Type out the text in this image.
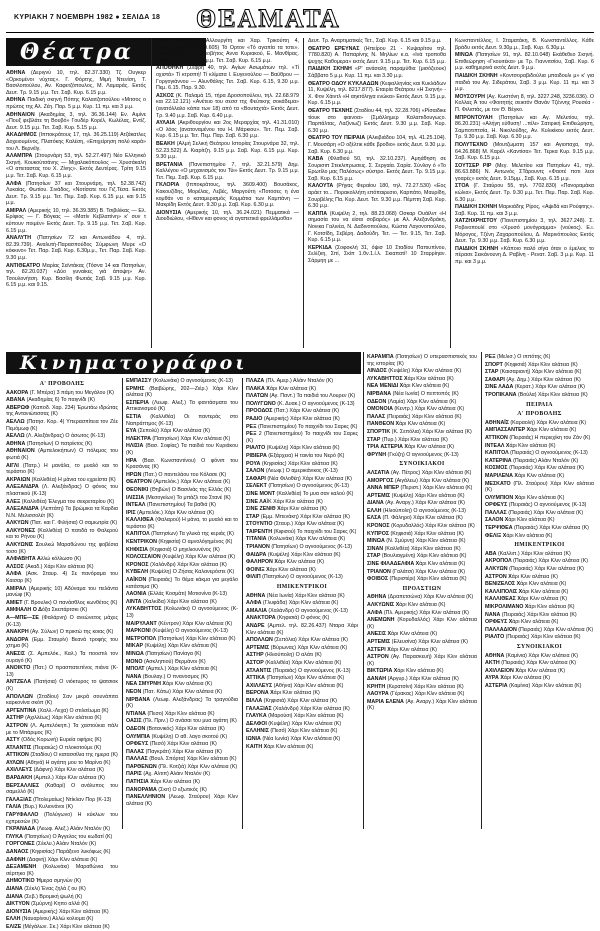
ΚΥΡΙΑΚΗ 7 ΝΟΕΜΒΡΗ 1982 ● ΣΕΛΙΔΑ 18 ΘΕΑΜΑΤΑ
Θέατρα

ΑΘΗΝΑ (Δεριγνύ 10, τηλ. 82.37.330) Τζ. Ουγκερ «Ορκομένοι νύχτας». Γ. Φόρτης, Μιμή Ντενίση, Τ. Βασιλοπούλου, Αν. Καφετζόπουλος, Μ. Λαμαράς. Εκτός Δευτ. Τρ. 9.15 μ.μ. Τετ. Σαβ. Κυρ. 6.15 μ.μ.

ΑΘΗΝΑ Παιδική σκηνή Πόπης Καλαιτζοπούλου «Μιτσος ο πρώτος της Αλ. Ζέη. Παρ. 5 μ.μ. Κυρ. 11 πμ. και 3 μ.μ.

ΑΘΗΝΑΙΟΝ (Ακαδημίας 3, τηλ. 36.36.144) Εν. Αιμίνε «Πουξ φεβλάτε τη Βουβό» Γουδέρ Κορέλ, Κωλέλας, Εντίζ. Δευτ. 9.15 μ.μ. Τετ. Σαβ. Κυρ. 5.15 μ.μ.

ΑΚΑΔΗΜΟΣ (Ιπποκράτους 17, τηλ. 36.25.119) Ατζάκατλες Δοχειουμένος, Πλατόκης Καλέση, «Επιχείρηση πολύ καρά» του Λ. Βερνέϊγ.

ΑΛΑΜΠΡΑ (Στουρνάρη 53, τηλ. 52.27.497) Νέο Ελληνικό Σκηνή. Κουκούτσάνης — Μιχαλακόπουλος — Χρυσάκαλη «Ο απεταστας του Χ. Ζίνης». Εκτός Δευτέρας. Τρίτη 9.15 μ.μ. Τετ. Σαβ. Κυρ. 6.15 μ.μ.

ΑΛΦΑ (Πατησίων 37 και Στουρνάρη, τηλ. 52.38.742) Λυκαίας. Φωτίου. Σινάδος, «Νοτίσατε του Γιζ.Τέσα. Εκτός Δευτ. Τρ. 9.15 μ.μ. Τετ. Πεμ. Σαβ. Κυρ. 6.15 μ.μ. και 9.15 μ.μ.

ΑΜΙΡΑΛ (Αμερικής 10, τηλ. 36.39.385) Β. Τσιβιλίκας — Ελ. Ερίφιος — Γ. Βόγκας — «Ματίν Κεβλαπίνη» κ' συν τ κύπουν ποιμέν» Εκτός Δευτ. Τρ. 9.15 μ.μ. Τετ. Σαβ. Κυρ. 6.15 μ.μ.

ΑΝΑΛΥΤΗ (Πατησίων 72 και Αντωνιάδου 4, τηλ. 82.39.739). Αναλυτή-Παρασπούδος Σύμφωνη Μυρε «Ο κόκκινο» Τετ. Παρ. Σαβ. Κυρ. 6.30μ.μ., Τετ. Παρ. Σαβ. Κυρ. 9.30 μ.μ.

ΑΝΤΙΘΕΑΤΡΟ Μαρίας Σεϊντάκας (Τόσνα 14 και Πατησίων, τηλ. 82.20.037) «Δύο γυναίκες γιά άποψη» Αν. Τσουλονήτση. Κυρ. Βασίλη Φωτιάς Σαβ. 9.15 μ.μ. Κυρ. 6.15 μ.μ. και 9.15.

ΑΠΛΟ ΘΕΑΤΡΟ (Αλλουργίτη και Χαρ. Τρικούπη 4, Χαλάνδρι, τηλ. 92.29.605) Τό Ορτον «Τό αγαπία τα τοτε». Σύνομο Τητ. Τη. Εκκοβήτος Αννα Κυριακού, Ε. Μανθίρας. Εκτός Δευτ. Τρ. 9.15 μ.μ. Τετ. Σαβ. Κυρ. 6.15 μ.μ.

ΑΠΟΘΗΚΗ (Σεφρή 40, τηλ. Αγίων Ασωμάτων τηλ. «Τί οχιστά» Τί κτρσπή! Τί κλίματα Ι. Ευγενούλου — Βαϋθρου — Γοργογιάννου — Αλυνθάλης Τετ. Σαβ. Κυρ. 6.15, 9.30 μ.μ. Πεμ. 6.15. Παρ. 9.30.

ΑΣΚΟΣ (Κ. Παλαμά 15, τήρα Δροσοπούλου, τηλ. 22.68.979 και 22.12.121) «Ανέτειο του σεσσ της Φεύτικης σοκάδεμα» (ανατόλλαλο κάπα των 18) από τα «Βουταχτά» Εκτός Δευτ. Τρ. 9.40 μ.μ. Σαβ. Κυρ. 6.40 μ.μ.

ΑΥΛΑΙΑ (Ακριθουργίου και 2ος Μεραρχίας τηλ. 41.31.010) «Ο λόος (ανατοναμένου του Η. Μάρκιου». Τετ. Πεμ. Σαβ. Κυρ. 6.15 μ.μ. Τετ. Πεμ. Παρ. Σαβ. 6.30 μ.μ.

ΒΕΑΚΗ (Αλμή Σελική Θεάτρου Ιστορίας Στουρνάρα 32, τηλ. 52.23.522) Δ. Κιαρίτζη. 9.15 μ.μ. Σαβ. Κυρ. 6.15 μ.μ. Κυρ. 9.30 μ.μ.

ΒΡΕΤΑΝΙΑ (Πανεπιστημίου 7, τηλ. 32.21.579) Δημ. Καλλέγου «Ο μηχανισμός του Τύι» Εκτός Δευτ. Τρ. 9.15 μ.μ. Τετ. Πεμ. Σαβ. Κυρ. 6.15 μ.μ.

ΓΚΛΟΡΙΑ (Ιπποκράτους, τηλ. 3609.400) Βουσάκος, Κακουζίδης, Μορέλας, Λεβές, Μαργούτη «Ποτοσες η ένα κομθάν να ο καταμερισμός Κομμάτια των Καμπάνη — Μακρίδη Εκτός Δευτ. 9.30 μ.μ. Σαβ. Κυρ. 6.30 μ.μ.

ΔΙΟΝΥΣΙΑ (Αμερικής 10, τηλ. 36.24.021) Πεμματικά — Διουδιώλου, «Ηθενν και φονος ιά αγαπετικά φρελλάμοθα»

Δευτ. Τρ. Αναρτιματικές Τετ., Σαβ. Κυρ. 6.15 και 9.15 μ.μ.

ΘΕΑΤΡΟ ΕΡΕΥΝΑΣ (Ηπείρου 21 - Κυψαρίτου τηλ. 7780.820) Α. Παπαρίνης Ν. Μηλίων κ.α. «Ινά τροποθα ψυχης Καθομερα» εκτός Δευτ. 9.15 μ.μ. Τετ. Κυρ. 6.15 μ.μ.

ΠΑΙΔΙΚΗ ΣΚΗΝΗ «Ρ' ανάσαλη παραμύθια (μισόζεουκ) Σάββατο 5 μ.μ. Κυρ. 11 πμ. και 3.30 μ.μ.

ΘΕΑΤΡΟ ΟΔΟΥ ΚΥΚΛΑΔΩΝ (Κεφαλληνίας και Κυκλάδων 11, Κυψέλη, τηλ. 8217.877). Εταιρία Θεάτρου «Η Σκηνή» - Χ. Φον Χάιντλ «Η αηκτόληγα ενώκα» Εκτός Δευτ. 9.15 μ.μ. Κυρ. 6.15 μ.μ.

ΘΕΑΤΡΟ ΤΕΧΝΗΣ (Σταδίου 44, τηλ. 32.28.706) «Ρίσαιδικε τίουκ στο φαινοα» (Σμάλλημερ Καλαπιδουγωςο. Παρπάλτας, Λαζίνιωζ) Εκτός Δευτ. 9.30 μ.μ. Σαβ. Κυρ. 6.30 μ.μ.

ΘΕΑΤΡΟ ΤΟΥ ΠΕΙΡΑΙΑ (Αλκιβιάδου 104, τηλ. 41.25.104). Γ. Μουσάρη «Ο οξέλτικ κάθε βροδιο» εκτός Δευτ. 9.30 μ.μ. Σαβ. Κυρ. 6.30 μ.μ.

ΚΑΒΑ (Φλαθιού 50, τηλ. 32.10.237). Αμηάθηση σε Σουρισιπ Στεκλιπρωσεις. Σ. Σεργαία. Σαρία. Σύνλογ ό «Το Ερωτίλο μας Παλέσως» σύστρο. Εκτός Δευτ. Τρ. 9.15 μ.μ. Σαβ. Κυρ. 6.15 μ.μ.

ΚΑΛΟΥΤΑ (Ρήγας Φεραίου 180, τηλ. 72.27.530) «Εος αράετ το... Πορακολλήτη επόπαιρεσιο, Καρπάτο, Μαυρίδη, Σουρβέλης Πα. Κυρ. Δευτ. Τετ. 9.30 μ.μ. Πέμπτη Σαβ. Κυρ. 6.30 μ.μ.

ΚΑΠΠΑ (Κυψέλη 2, τηλ. 88.23.068) Οσκαρ Ουάϊλντ «Η σημασία του να είσαι σοβαρός» με Αλ. Αλεξανδράκη, Νονικα Γαλινέα, Ν. Δαδινοπούλου, Κώστα Λαγονοπούλου, Γ. Κοτσίδη, Σεβέρη. Δαδούδη. Τετ. — Τετ. 9.15, Τετ. Σαβ. Κυρ. 6.15 μ.μ.

ΚΕΡΚΙΔΑ (Σοφοκλή 31, όψισ 10 Σταδίου Παπιυπίνου, Σελίζκη, Σπί, Σκίπ 1.θν.1.ί.λ. Σκιαπατί! 10 Σταρρίηαν. Σάρμηη με ...

Κωνσταντέλλος, Ι. Σταματάκη, Β. Κωνσταντέλλος. Κάθε βράδυ εκτός Δευτ. 9.30μ.μ., Σαβ. Κυρ. 6.30μ.μ.

ΜΙΝΩΑ (Πατησίων 91, τηλ. 82.10.048) Εκάθεθεο Σκηνή. Επιθεώρηση «Γκουιτέκα» με Τρ. Γιαννιτσίου, Σαβ. Κυρ. 6 μ.μ. καθημερινά εκτός Δευτ. 9 μ.μ.

ΠΑΙΔΙΚΗ ΣΚΗΝΗ «Κοντσοραβιδούλια μπαιδουλι μ» κ' για παιδιά του Αγ. Σιδεράτου, Σαβ. 3 μ.μ. Κυρ. 11 πμ. και 3 μ.μ.

ΜΟΥΣΟΥΡΗ (Αγ. Κωστόνη 8, τηλ. 3227.248, 3236.036). Ο Κολλας Ά του «Φοιτητής σεικτόν Θανάν Τζέννης Ρουσέα - Π. Φιλιστάς, με τον Θ. Βέγκο.

ΜΠΡΟΝΤΟΥΑΗ (Πατησίων και Αγ. Μελετίου, τηλ. 86.20.231) «Αλήγη εύθυση! ...πίλι» Σατιρική Επιθεώρηση, Σαμποτιπτσία, Η. Νικολούδης, Αν. Κυλικίκου εκτός Δευτ. Τρ. 9.30 μ.μ. Σαβ. Κυρ. 6.30 μ.μ.

ΠΟΛΥΤΕΧΝΟ (Μουτζωματη 157 και Αγιοπαχα, τηλ. 64.26.868) Μ. Καρέλ «Καντίσα» Τετ. Τερκα Κυρ. 9.15 μ.μ. Σαβ. Κυρ. 6.15 μ.μ.

ΣΟΥΤΣΕΡ ΡΙΡ (Μεγ. Μελετίου και Πατησίων 41, τηλ. 86.63.886) Ν. Αντωνός ΣΤάρουντς «Φαοτέ ποτι λεοι γοαρές» εκτός Δευτ. 9.15μμ., Σαβ. Κυρ. 6.15 μ.μ.

ΣΤΟΑ (Γ. Σταύρου 55, τηλ. 7702.830) «Πανοραμάκα κώλια», Εκτός Δευτ. Τρ. 9.30 μ.μ. Τετ. Πεμ. Παρ. Σαβ. Κυρ. 6.30 μ.μ.

ΠΑΙΔΙΚΗ ΣΚΗΝΗ Μαρκιάδης Ρίρος, «Αψιδά και Ρούφτης». Σαβ. Κυρ. 11 πμ. και 3 μ.μ.

ΧΑΤΖΗΧΡΗΣΤΟΥ (Πανεπιστημίου 3, τηλ. 3627.248). Σ. Ροβινοπουλί στο «Χρυσό μονόγραμμα» (νούκος). Ε.ι. Μόρογος, Τζένη Ζαχαροπούλου, Δ. Μαρινόπουλος Εκτός Δευτ. Τρ. 9.30 μ.μ. Σαβ. Κυρ. 6.30 μ.μ.

ΠΑΙΔΙΚΗ ΣΚΗΝΗ «Κάποιο παλό σίγα όταν ο έμελιος το πέρασε Σεικάνουνη Δ. Ραβίνη - Ρενατ. Σαβ. 3 μ.μ. Κυρ. 11 πμ. και 3 μ.μ.

Κινηματογράφοι
Α' ΠΡΟΒΟΛΗΣ

ΑΑΚΟΡΑ (Γ. Μπέρα) 3 πάμη του Μεγάλου (K)

ΑΒΑΝΑ (Ακαδημίας 6) Το παιγνίδι (K)

ΑΒΕΡΩΦ (Καποδ. Χαρ. 234) Έρωτάω ιδρώτας της Αντανιώτισσας (K)

ΑΕΛΛΩ (Πατησ. Κορ. 4) Υπερασπίτεια τον Ζέε Πεμόμωφ (K)

ΑΕΛΛΩ (Λ. Αλεξάνδρας) Ο άσωτος (K-13)

ΑΘΗΝΑ (Πατησίων) Ο πατρίκτος (K)

ΑΘΗΝΑΙΟΝ (Αμπελοκήπων) Ο πόλεμος του φωτιά (K)

ΑΙΓΛΙ (Πατρ.) Η μανάλα, το μυαλό και το τεράστιο (K)

ΑΚΡΑΙΩΝ (Καλλιθέα) Η μάνια του εχρείστα (K)

ΑΛΕΞΑΝΔΡΑ (Λ. Αλεξάνδρας) Ο φόνος του πλαστικού (K-13)

ΑΛΕΞ (Καλλιθέα) Έλεγμα του σεκρεταρίου (K)

ΑΛΕΞΑΝΔΡΑ (Λεπτάτη) Τα βρώμικα τα Καρδια Ν.Ν. Μελισσολέτ (K)

ΑΛΚΥΩΝ (Πατ. και Γ. Φιλήσια) Ο σαμιωτρία (K)

ΑΛΚΥΟΝΕΣ (Καλλιθέα) Ο πατιδά το Φαλερού και το Ρήνου (K)

ΑΛΚΥΩΝΙΣ Σουλκώ Μαραθώνου της φοβέσια τοσο (K)

ΑΛΦΑΒΗΤΑ Αλλώ κόλλωσο (K)

ΑΛΣΟΣ (Ακαδ.) Χάρι Κλιν αλάτεια (K)

ΑΛΦΑ (Ασκ. Σταυρ. 4) Σε πανόραμα του Καισαρ (K)

ΑΜΙΡΑΛ (Αμερικής 10) Αδύναμα του πελάντα μανώφ (K)

ΑΜΙΕΤ (Γ. Βρουλικ) Ο πανάσθλος κωνθέτος (K)

ΑΜΦΙΑΛΗ Ο Δόξα Σκεπάρτσκι (K)

Α—ΜΠΕ—ΣΕ (Φαλάρνη) Ο ανεώνετος μάχες (K-13)

ΑΝΑΚΡΗ (Αγ. Σύλων) Ο πρικτώ της κοιας (K)

ΑΝΔΟΡΑ (Εμμ. Σταυρίν) Βεανά τροφής του χτημα (K)

ΑΝΕΣΙΣ (Σ. Αμπελόκ., Καλ.) Τα ποοστιλ τον ουραγό (K)

ΑΝΟΙΚΤΟ (Πατ.) Ο πρασπατεπίνος πιάνα (K-13)

ΑΝΤΖΕΛΑ (Πατήσια) Ο νιόκτυρος το ψατσιοκ (K)

ΑΠΟΛΛΩΝ (Σταδίου) Σαν μικρά σουνάπιτα καρκονίνα σκόπ (K)

ΑΡΓΕΝΤΙΝΑ (Χαλλ.-Λεχα) Ο στιλσέωμα (K)

ΑΣΤΗΡ (Αχιλλέως) Χάρι Κλιν αλάτεια (K)

ΑΣΤΡΟΝ (Λ. Αμπελόκηπ.) Τα χαστούκια πάλι με το Μπάριμος (K)

ΑΣΤΥ (Οδός Κορωνή) Ευρεία οφήρις (K)

ΑΤΛΑΝΤΙΣ (Πειραιώς) Ο πλοκοτούμε (K)

ΑΤΤΙΚΟΝ (Σταδίου) Ο κατασσίλια της ημερα (K)

ΑΥΛΩΝ (Αθηνά) Η αγάπη μου το Μαρίνα (K)

ΑΧΙΛΛΕΥΣ (Δάφνη) Χάρι Κλιν αλάτεια (K)

ΒΑΡΔΑΚΗ (Αμπελ.) Χάρι Κλιν αλάτεια (K)

ΒΕΡΣΑΛΛΙΕΣ (Καθαρί) Ο ανάλυπος του σαμελλό (K)

ΓΑΛΑΞΙΑΣ (Πτολεμαίως) Ντίκλαν Πορ (K-13)

ΓΑΛΙΑ (Βυρ.) Κυλιονάνοι (K)

ΓΑΡΥΦΑΛΛΟ (Πολύγωνο) Η κύκλων του εχπρεσών (K)

ΓΚΡΑΝΑΔΑ (Λεωφ. Αλεξ.) Αλάιν Νταλόν (K)

ΓΛΥΚΑ (Πατησίων) Ο Άγγελος του κωδατί (K)

ΓΟΡΓΟΝΕΣ (Σέκλυ.) Αλάιν Νταλόν (K)

ΔΑΝΑΟΣ (Κηφισίας) Παράξενο λυκόφως (K)

ΔΑΦΝΗ (Δαφνή) Χάρι Κλιν αλάτεια (K)

ΔΕΞΑΜΕΝΗ (Κολωνάκι) Μαραθώνια του σέρτηκο (K)

ΔΗΜΟΤΙΚΟ Ήμερα σμηνών (K)

ΔΙΑΝΑ (Σέκλι) Ένας ζηλά ζ ου (K)

ΔΙΑΝΑ (Σεβ.) Βρομική ψωλή (K)

ΔΙΚΤΥΟΝ (Σμύρνη) Κηπο αλλά (K)

ΔΙΟΝΥΣΙΑ (Αμερικής) Χάρι Κλιν αλάτεια (K)

ΕΛΛΗ (Ναυαρίνου) Αλλώ κολιομα (K)

ΕΛΙΖΕ (Μέγάλων. Σκ.) Χάρι Κλιν αλάτεια (K)

ΕΜΠΑΣΣΥ (Κολωνάκι) Ο αγνοούμενος (K-13)

ΕΡΜΗΣ (Βαιβώρης, 202—Ζιέρ.) Χάρι Κλιν αλάτεια (K)

ΕΣΠΕΡΙΑ (Λεωφ. Αλεξ.) Τα φαντάσματα του Αττικανισμού (K)

ΕΣΤΙΑ (Καλλιθέα) Οι παντεράς στο Ναπράπτμος (K-13)

ΕΥΑ (Σεπολύ) Χάρι Κλιν αλάτεια (K)

ΗΛΕΚΤΡΑ (Πατησίων) Χάρι Κλιν αλάτεια (K)

ΗΛΙΣΙΑ (Βασ. Σοφίας) Τα παιδιά του Κυριάκου (K)

ΗΡΑ (Βασ. Κωνσταντίνου) Ο φόνιπ του Κρασάνας (K)

ΗΡΩΝ (Πατ.) Ο παντελάου του Κόλασε (K)

ΘΕΑΤΡΟΝ (Αμπελόκ.) Χάρι Κλιν αλάτεια (K)

ΘΕΟΝΙΚΙ (Θηβών) Ο Βασιλιάς της Ελλάς (K)

ΙΛΙΣΣΙΑ (Μεσογείων) Το μπάζλ του Στανέ (K)

ΙΝΤΕΑΛ (Πανεπιστημίου) Τα βαθιά (K)

ΙΡΙΣ (Αμπελόκ.) Χάρι Κλιν αλάτεια (K)

ΚΑΛΛΙΘΕΑ (Φαλαρού) Η μάνα, το μυαλό και το τεράστιο (K)

ΚΑΠΙΤΟΛ (Πατησίων) Τα γλυκά της κεριάς (K)

ΚΕΝΤΡΙΚΟΝ (Κηφισία) Ο αμνολόγημένος (K)

ΚΗΦΙΣΙΑ (Κηφισιά) Ο μηγιλιουνένος (K)

ΚΟΛΟΣΣΑΙΟΝ (Κυψέλη) Χάρι Κλιν αλάτεια (K)

ΚΡΟΝΟΣ (Χαλάνδρι) Χάρι Κλιν αλάτεια (K)

ΚΥΒΕΛΗ (Κυψέλη) Ο Ζήσας Καλανερόστε (K)

ΛΑΪΚΟΝ (Πειραιάς) Το θέμα κάκμα για μεγάλο κατάστιμα (K)

ΛΑΟΝΙΑ (Ελλάς Κοσμάτι) Μοτιονίνα (K-13)

ΛΙΝΤΑ (Χαλκίδα) Χάρι Κλιν αλάτεια (K)

ΛΥΚΑΒΗΤΤΟΣ (Κολωνάκι) Ο αγνοούμενος (K-13)

ΜΑΙΡΥΛΑΝΤ (Κέντρον) Χάρι Κλιν αλάτεια (K)

ΜΑΡΚΟΝΙ (Κυψέλη) Ο αγνοούμενος (K-13)

ΜΕΤΡΟΠΟΛ (Πατησίων) Χάρι Κλιν αλάτεια (K)

ΜΙΚΑΡ (Κυψέλη) Χάρι Κλιν αλάτεια (K)

ΜΙΝΩΑ (Πατησίων) Πανίαγα (K)

ΜΟΝΟ (Ασκληπιού) Θερμάνοι (K)

ΜΠΟΛΤ (Αμπελ.) Χάρι Κλιν αλάτεια (K)

ΝΑΝΑ (Βουλαγ.) Ο πνανοσμος (K)

ΝΕΑ ΣΜΥΡΝΗ Χάρι Κλιν αλάτεια (K)

ΝΕΟΝ (Πατ. Κάτω) Χάρι Κλιν αλάτεια (K)

ΝΙΡΒΑΝΑ (Λεωφ. Αλεξάνδρας) Τα τραγούδια (K)

ΝΤΙΑΝΑ (Πεσο) Χάρι Κλιν αλάτεια (K)

ΟΑΣΙΣ (Πλ. Πριν.) Ο ανάσαι του μυα αγάπη (K)

ΟΔΕΟΝ (Βοτανικός) Χάρι Κλιν αλάτεια (K)

ΟΛΥΜΠΙΑ (Κυψέλη) Ο αθ. λαγο σκοτού (K)

ΟΡΦΕΥΣ (Πεσό) Χάρι Κλιν αλάτεια (K)

ΠΑΛΑΣ (Παγκράτι) Χάρι Κλιν αλάτεια (K)

ΠΑΛΛΑΣ (Βουλ. Σπόρτα) Χάρι Κλιν αλάτεια (K)

ΠΑΡΘΕΝΩΝ (Πλ. Κοτζιά) Χάρι Κλιν αλάτεια (K)

ΠΑΡΙΣ (Αχ. Αλτιπ) Αλάιν Νταλόν (K)

ΠΑΤΗΣΙΑ Χάρι Κλιν αλάτεια (K)

ΠΑΝΟΡΑΜΑ (Σκιτ) Ο εξωτικός (K)

ΠΑΝΕΛΛΗΝΙΟΝ (Λεωφ. Σταύρου) Χάρι Κλιν αλάτεια (K)

ΠΛΑΖΑ (Πλ. Αμερ.) Αλάιν Νταλόν (K)

ΠΛΑΚΑ Χάρι Κλιν αλάτεια (K)

ΠΛΑΤΩΝ (Αγ. Παντ.) Τα παιδιά του Λουρεν (K)

ΠΟΛΥΓΩΝΟ (Κ. Δυακ.) Ο αγνοούμενος (K-13)

ΠΡΟΟΔΟΣ (Πατ.) Χάρι Κλιν αλάτεια (K)

ΡΑΔΙΟ (Αμερικής) Χάρι Κλιν αλάτεια (K)

ΡΕΞ (Πανεπιστημίου) Το παιχνίδι του Σαρκς (K)

ΡΕΞ 2 (Πανεπιστημίου) Το παιχνίδι του Σαρκς (K)

ΡΙΑΛΤΟ (Κυψέλη) Χάρι Κλιν αλάτεια (K)

ΡΙΒΙΕΡΑ (Εξάρχεια) Η ταινία του Νερό (K)

ΡΟΥΑ (Κηφισίας) Χάρι Κλιν αλάτεια (K)

ΣΑΛΟΝ (Λεωφ.) Ο αμερικάνικος (K-13)

ΣΑΦΑΡΙ (Νέα Φιλοθέη) Χάρι Κλιν αλάτεια (K)

ΣΕΛΕΚΤ (Πατησίων) Ο αγνοούμενος (K-13)

ΣΙΝΕ ΜΟΝΤ (Καλλιθέα) Το μυα σαν καλού (K)

ΣΙΝΕ ΛΑΪΚ Χάρι Κλιν αλάτεια (K)

ΣΙΝΕ ΖΕΝΙΘ Χάρι Κλιν αλάτεια (K)

ΣΤΑΡ (Εμμ. Μπενάκη) Χάρι Κλιν αλάτεια (K)

ΣΤΟΥΝΤΙΟ (Σταυρ.) Χάρι Κλιν αλάτεια (K)

ΤΑΙΡΕΝΤΗ (Κιφισού) Το παιχνίδι του Σαρκς (K)

ΤΙΤΑΝΙΑ (Κολωνάκι) Χάρι Κλιν αλάτεια (K)

ΤΡΙΑΝΟΝ (Πατησίων) Ο αγνοούμενος (K-13)

ΦΑΙΔΡΑ (Κυψέλη) Χάρι Κλιν αλάτεια (K)

ΦΑΛΗΡΟΝ Χάρι Κλιν αλάτεια (K)

ΦΟΙΝΙΞ Χάρι Κλιν αλάτεια (K)

ΦΙΛΙΠ (Πατησίων) Ο αγνοούμενος (K-13)

ΗΜΙΚΕΝΤΡΙΚΟΙ

ΑΘΗΝΑ (Νέα Ιωνία) Χάρι Κλιν αλάτεια (K)

ΑΛΦΑ (Γλυφάδα) Χάρι Κλιν αλάτεια (K)

ΑΜΑΛΙΑ (Χαλάνδρι) Ο αγνοούμενος (K-13)

ΑΝΑΚΤΟΡΑ (Κηφισιά) Ο φόνος (K)

ΑΝΔΡΕ (Αμπελ. τηλ. 82.26.437) Νταρα Χάρι Κλιν αλάτεια (K)

ΑΠΟΛΛΩΝ (Σεπόλια) Χάρι Κλιν αλάτεια (K)

ΑΡΤΕΜΙΣ (Βύρωνας) Χάρι Κλιν αλάτεια (K)

ΑΣΤΗΡ (Ηλιούπολη) Ο αλάτι (K)

ΑΣΤΟΡ (Καλλιθέα) Χάρι Κλιν αλάτεια (K)

ΑΤΛΑΝΤΙΣ (Πειραιάς) Ο αγνοούμενος (K-13)

ΑΤΤΙΚΑ (Πατησίων) Χάρι Κλιν αλάτεια (K)

ΑΧΙΛΛΕΥΣ (Αθήνα) Χάρι Κλιν αλάτεια (K)

ΒΕΡΟΝΑ Χάρι Κλιν αλάτεια (K)

ΒΙΛΛΑ (Κηφισιά) Χάρι Κλιν αλάτεια (K)

ΓΑΛΑΞΙΑΣ (Χαλάνδρι) Χάρι Κλιν αλάτεια (K)

ΓΛΑΥΚΑ (Μαρούσι) Χάρι Κλιν αλάτεια (K)

ΔΕΛΦΟΙ (Κυψέλη) Χάρι Κλιν αλάτεια (K)

ΕΛΛΗΝΙΣ (Πεσό) Χάρι Κλιν αλάτεια (K)

ΙΩΝΙΑ (Νέα Ιωνία) Χάρι Κλιν αλάτεια (K)

ΚΑΙΤΗ Χάρι Κλιν αλάτεια (K)

ΚΑΡΑΜΠΑ (Πατησίων) Ο υπερασπιστικός του της ιστορίας (K)

ΛΙΝΔΟΣ (Κυψέλη) Χάρι Κλιν αλάτεια (K)

ΛΥΚΑΒΗΤΤΟΣ Χάρι Κλιν αλάτεια (K)

ΝΕΑ ΜΕΝΙΔΙ Χάρι Κλιν αλάτεια (K)

ΝΙΡΒΑΝΑ (Νέα Ιωνία) Ο πεπτοπός (K)

ΟΔΕΟΝ (Λαμία) Χάρι Κλιν αλάτεια (K)

ΟΜΟΝΟΙΑ (Κεντρ.) Χάρι Κλιν αλάτεια (K)

ΠΑΛΑΣ (Πειραιάς) Χάρι Κλιν αλάτεια (K)

ΠΑΝΘΕΟΝ Χάρι Κλιν αλάτεια (K)

ΣΠΟΡΤΙΚ (Κ. Σεπόλια) Χάρι Κλιν αλάτεια (K)

ΣΤΑΡ (Πυρ.) Χάρι Κλιν αλάτεια (K)

ΤΡΙΑ ΑΣΤΕΡΙΑ Χάρι Κλιν αλάτεια (K)

ΦΡΥΝΗ (Γκύζη) Ο αγνοούμενος (K-13)

ΣΥΝΟΙΚΙΑΚΟΙ

ΑΛΣΑΤΙΑ (Αγ. Πέτρος) Χάρι Κλιν αλάτεια (K)

ΑΜΟΡΓΟΣ (Αιγάλεω) Χάρι Κλιν αλάτεια (K)

ΑΝΝΑ ΜΠΕΡ (Περιστ.) Χάρι Κλιν αλάτεια (K)

ΑΡΤΕΜΙΣ (Κυψέλη) Χάρι Κλιν αλάτεια (K)

ΔΙΑΝΑ (Αγ. Αναργ.) Χάρι Κλιν αλάτεια (K)

ΕΛΛΗ (Ηλιούπολη) Ο αγνοούμενος (K-13)

ΕΛΣΑ (Π. Φάληρο) Χάρι Κλιν αλάτεια (K)

ΚΡΟΝΟΣ (Κορυδαλλός) Χάρι Κλιν αλάτεια (K)

ΚΥΠΡΟΣ (Κηφισιά) Χάρι Κλιν αλάτεια (K)

ΜΙΝΩΑ (Ν. Σμύρνη) Χάρι Κλιν αλάτεια (K)

ΣΙΝΑΝ (Καλλιθέα) Χάρι Κλιν αλάτεια (K)

ΣΤΑΡ (Βουλιαγμένη) Χάρι Κλιν αλάτεια (K)

ΣΙΝΕ ΦΙΛΑΔΕΛΦΙΑ Χάρι Κλιν αλάτεια (K)

ΤΡΙΑΝΟΝ (Γαλάτσι) Χάρι Κλιν αλάτεια (K)

ΦΟΙΒΟΣ (Περιστέρι) Χάρι Κλιν αλάτεια (K)

ΠΡΟΑΣΤΙΩΝ

ΑΘΗΝΑ (Δραπετσώνα) Χάρι Κλιν αλάτεια (K)

ΑΛΚΥΩΝΙΣ Χάρι Κλιν αλάτεια (K)

ΑΛΦΑ (Πλ. Αμερικής) Χάρι Κλιν αλάτεια (K)

ΑΝΕΜΩΝΗ (Κορυδαλλός) Χάρι Κλιν αλάτεια (K)

ΑΝΕΣΙΣ Χάρι Κλιν αλάτεια (K)

ΑΡΤΕΜΙΣ (Ελευσίνα) Χάρι Κλιν αλάτεια (K)

ΑΣΤΕΡΙ Χάρι Κλιν αλάτεια (K)

ΑΣΤΡΟΝ (Αγ. Παρασκευή) Χάρι Κλιν αλάτεια (K)

ΒΙΚΤΩΡΙΑ Χάρι Κλιν αλάτεια (K)

ΔΑΝΑΗ (Αργυρ.) Χάρι Κλιν αλάτεια (K)

ΚΡΗΤΗ (Κερατσίνι) Χάρι Κλιν αλάτεια (K)

ΛΑΟΥΡΑ (Γέρακας) Χάρι Κλιν αλάτεια (K)

ΜΑΡΙΑ ΕΛΕΝΑ (Αγ. Αναργ.) Χάρι Κλιν αλάτεια (K)

ΡΕΞ (Μελισ.) Ο ιππότης (K)

ΣΠΟΡΤ (Κηφισιά) Χάρι Κλιν αλάτεια (K)

ΣΤΑΡ (Καισαριανή) Χάρι Κλιν αλάτεια (K)

ΣΑΦΑΡΙ (Αγ. Δημ.) Χάρι Κλιν αλάτεια (K)

ΣΙΝΕ ΛΑΔΑ (Κερατ.) Χάρι Κλιν αλάτεια (K)

ΤΡΟΠΙΚΑΝΑ (Βούλα) Χάρι Κλιν αλάτεια (K)

ΠΕΙΡΑΙΑ
Α' ΠΡΟΒΟΛΗΣ

ΑΘΗΝΑΪΣ (Καραολή) Χάρι Κλιν αλάτεια (K)

ΑΜΠΑΣΣΑΝΤΕΡ Χάρι Κλιν αλάτεια (K)

ΑΤΤΙΚΟΝ (Πειραιάς) Η περιεχίκη του Ζάν (K)

ΙΝΤΕΑΛ Χάρι Κλιν αλάτεια (K)

ΚΑΠΙΤΟΛ (Πειραιάς) Ο αγνοούμενος (K-13)

ΚΑΤΕΡΙΝΑ (Πειραιάς) Αλάιν Νταλόν (K)

ΚΟΣΜΟΣ (Πειραιάς) Χάρι Κλιν αλάτεια (K)

ΜΑΡΙΛΕΝΑ Χάρι Κλιν αλάτεια (K)

ΜΕΣΚΑΤΟ (Πλ. Σταύρου) Χάρι Κλιν αλάτεια (K)

ΟΛΥΜΠΙΟΝ Χάρι Κλιν αλάτεια (K)

ΟΡΦΕΥΣ (Πειραιάς) Ο αγνοούμενος (K-13)

ΠΑΛΛΑΣ (Πειραιάς) Χάρι Κλιν αλάτεια (K)

ΣΑΛΟΝ Χάρι Κλιν αλάτεια (K)

ΤΕΡΨΙΘΕΑ (Πειραιάς) Χάρι Κλιν αλάτεια (K)

ΦΕΛΙΞ Χάρι Κλιν αλάτεια (K)

ΗΜΙΚΕΝΤΡΙΚΟΙ

ΑΒΑ (Καλλιπ.) Χάρι Κλιν αλάτεια (K)

ΑΚΡΟΠΟΛ (Πειραιάς) Χάρι Κλιν αλάτεια (K)

ΑΛΚΥΩΝ (Πειραιάς) Χάρι Κλιν αλάτεια (K)

ΑΣΤΡΟΝ Χάρι Κλιν αλάτεια (K)

ΒΕΝΙΖΕΛΟΣ Χάρι Κλιν αλάτεια (K)

ΚΑΛΛΙΠΟΛΙΣ Χάρι Κλιν αλάτεια (K)

ΚΑΛΛΙΘΕΑΣ Χάρι Κλιν αλάτεια (K)

ΜΙΚΡΟΛΙΜΑΝΟ Χάρι Κλιν αλάτεια (K)

ΝΑΝΑ (Πειραιάς) Χάρι Κλιν αλάτεια (K)

ΟΡΦΕΥΣ Χάρι Κλιν αλάτεια (K)

ΠΑΛΛΑΔΙΟΝ (Πειραιάς) Χάρι Κλιν αλάτεια (K)

ΡΙΑΛΤΟ (Πειραιάς) Χάρι Κλιν αλάτεια (K)

ΣΥΝΟΙΚΙΑΚΟΙ

ΑΘΗΝΑ (Καμίνια) Χάρι Κλιν αλάτεια (K)

ΑΚΤΗ (Πειραιάς) Χάρι Κλιν αλάτεια (K)

ΑΧΙΛΛΕΙΟΝ Χάρι Κλιν αλάτεια (K)

ΑΥΡΑ Χάρι Κλιν αλάτεια (K)

ΑΣΤΕΡΙΑ (Καμίνια) Χάρι Κλιν αλάτεια (K)
